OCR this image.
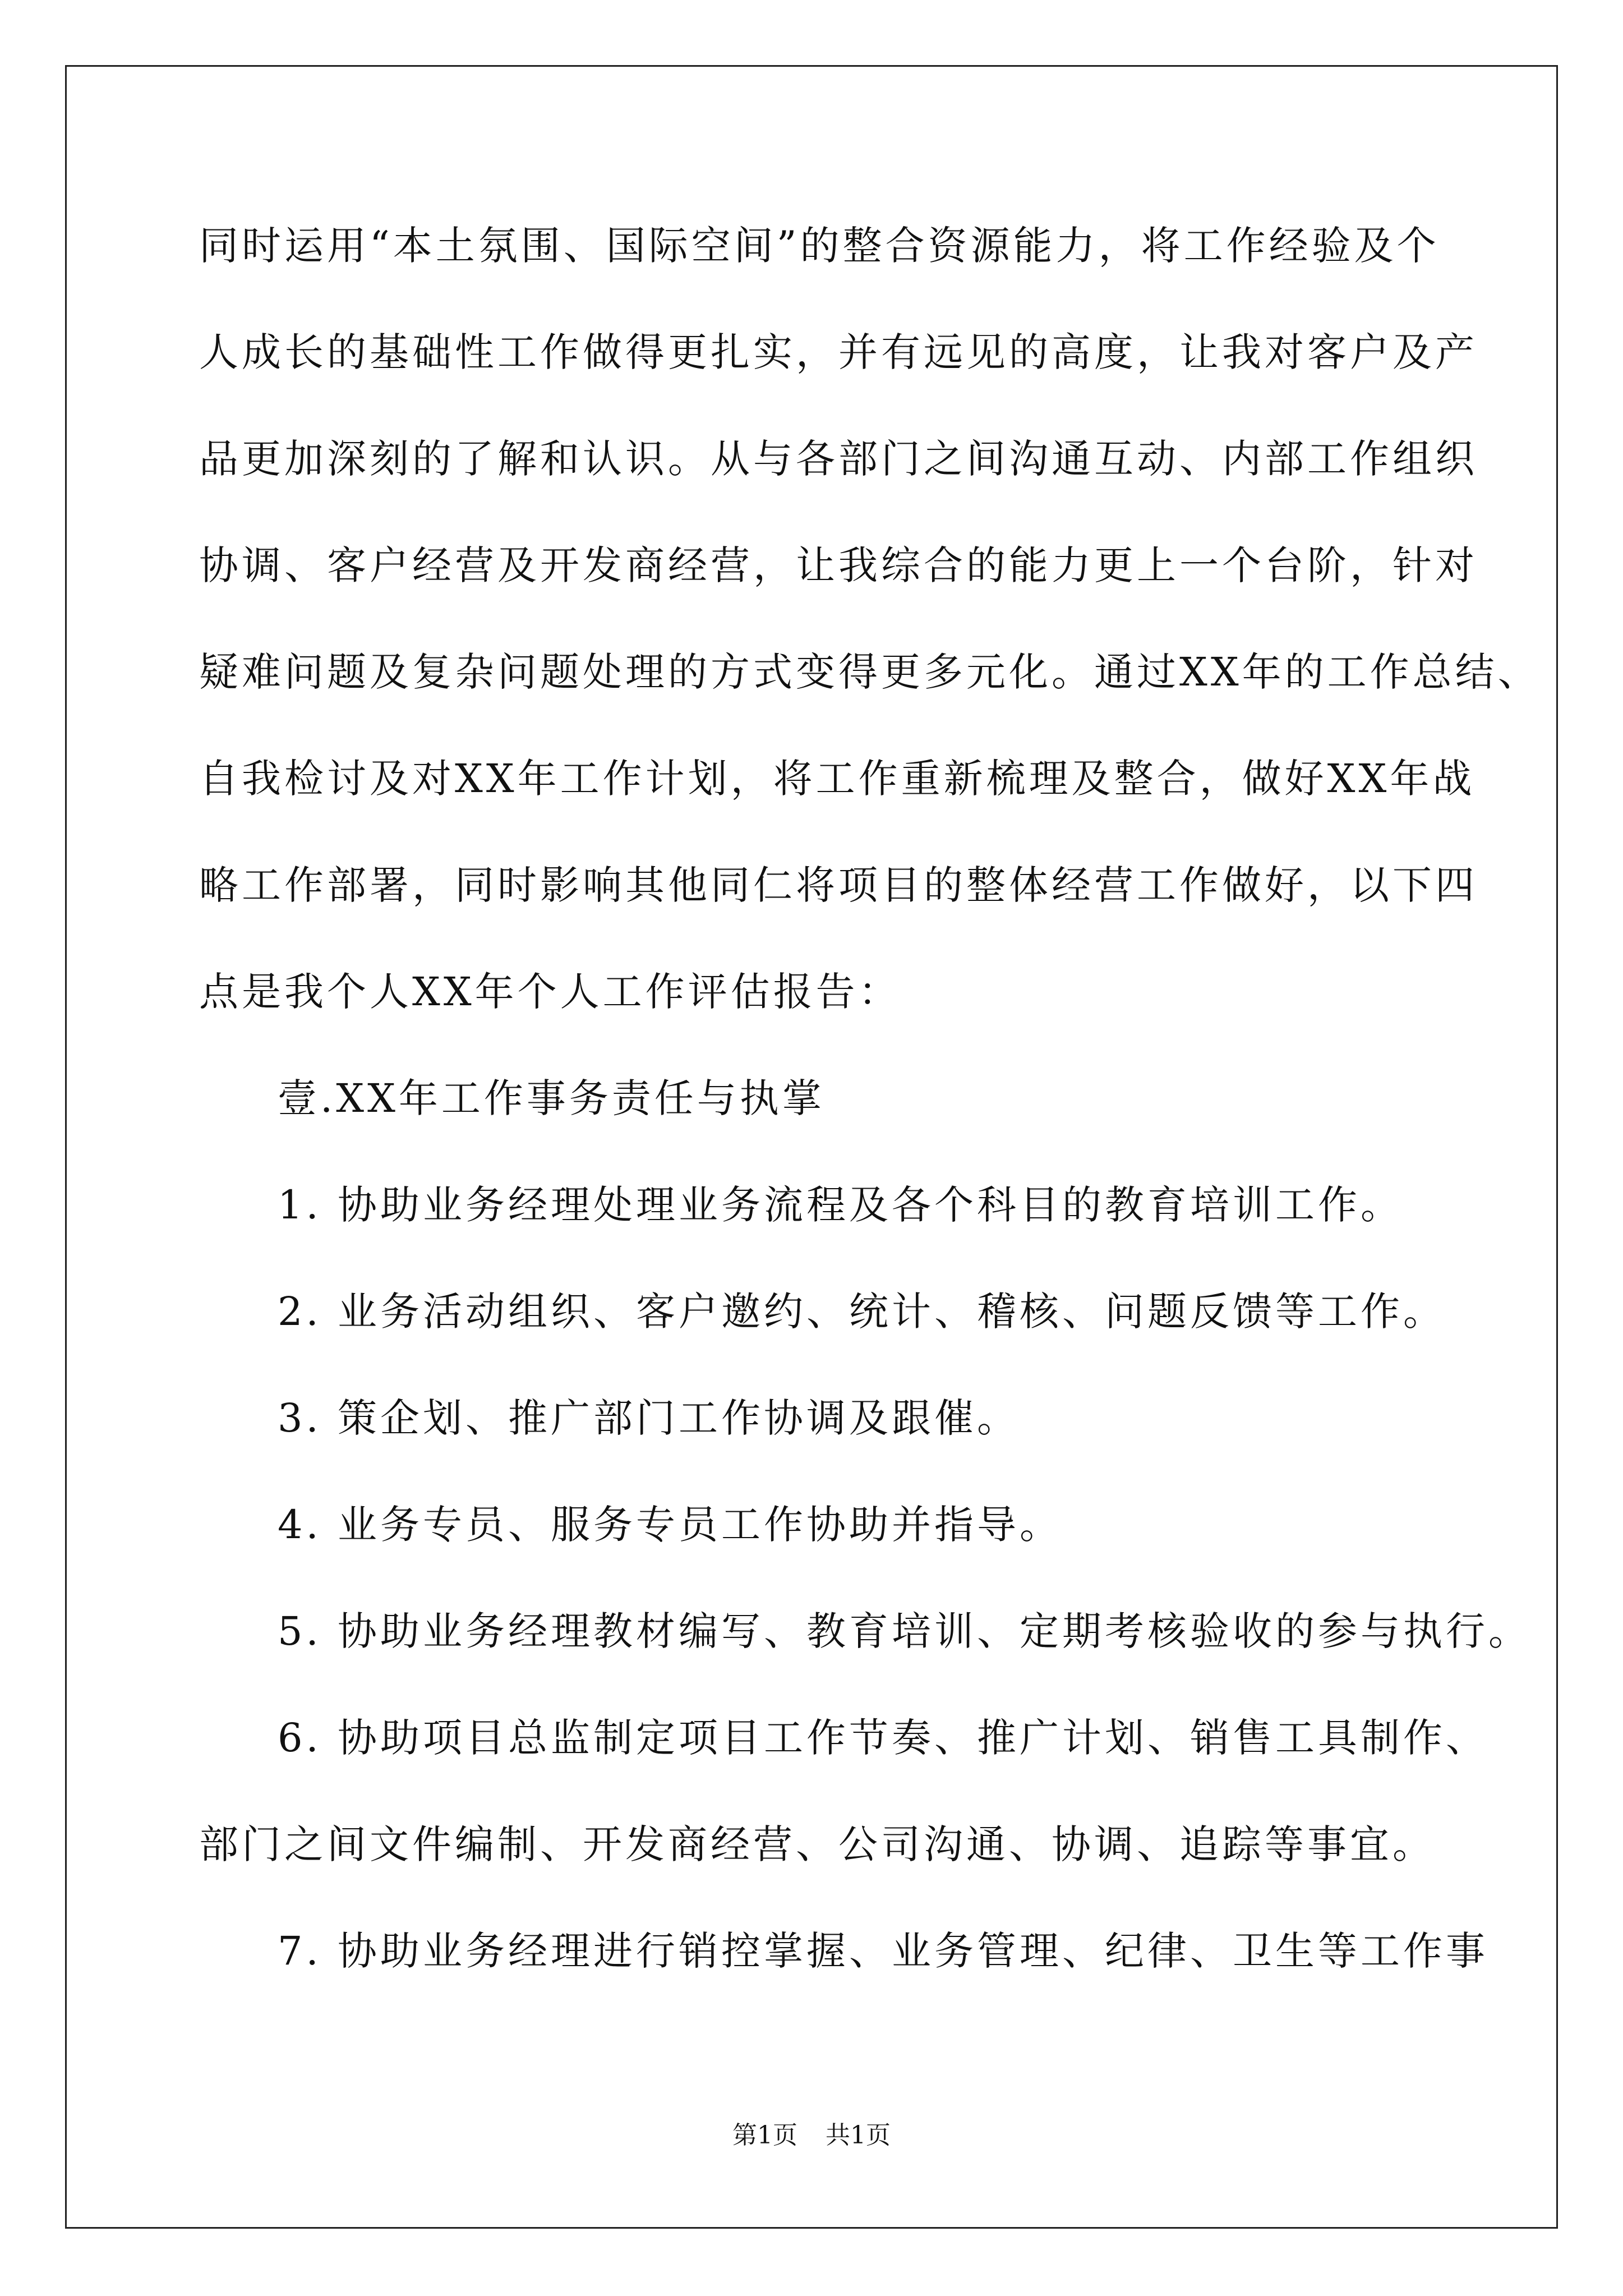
同时运用“本土氛围、国际空间”的整合资源能力，将工作经验及个
人成长的基础性工作做得更扎实，并有远见的高度，让我对客户及产
品更加深刻的了解和认识。从与各部门之间沟通互动、内部工作组织
协调、客户经营及开发商经营，让我综合的能力更上一个台阶，针对
疑难问题及复杂问题处理的方式变得更多元化。通过XX年的工作总结、
自我检讨及对XX年工作计划，将工作重新梳理及整合，做好XX年战
略工作部署，同时影响其他同仁将项目的整体经营工作做好，以下四
点是我个人XX年个人工作评估报告：
壹.XX年工作事务责任与执掌
1. 协助业务经理处理业务流程及各个科目的教育培训工作。
2. 业务活动组织、客户邀约、统计、稽核、问题反馈等工作。
3. 策企划、推广部门工作协调及跟催。
4. 业务专员、服务专员工作协助并指导。
5. 协助业务经理教材编写、教育培训、定期考核验收的参与执行。
6. 协助项目总监制定项目工作节奏、推广计划、销售工具制作、
部门之间文件编制、开发商经营、公司沟通、协调、追踪等事宜。
7. 协助业务经理进行销控掌握、业务管理、纪律、卫生等工作事
第1页 共1页
